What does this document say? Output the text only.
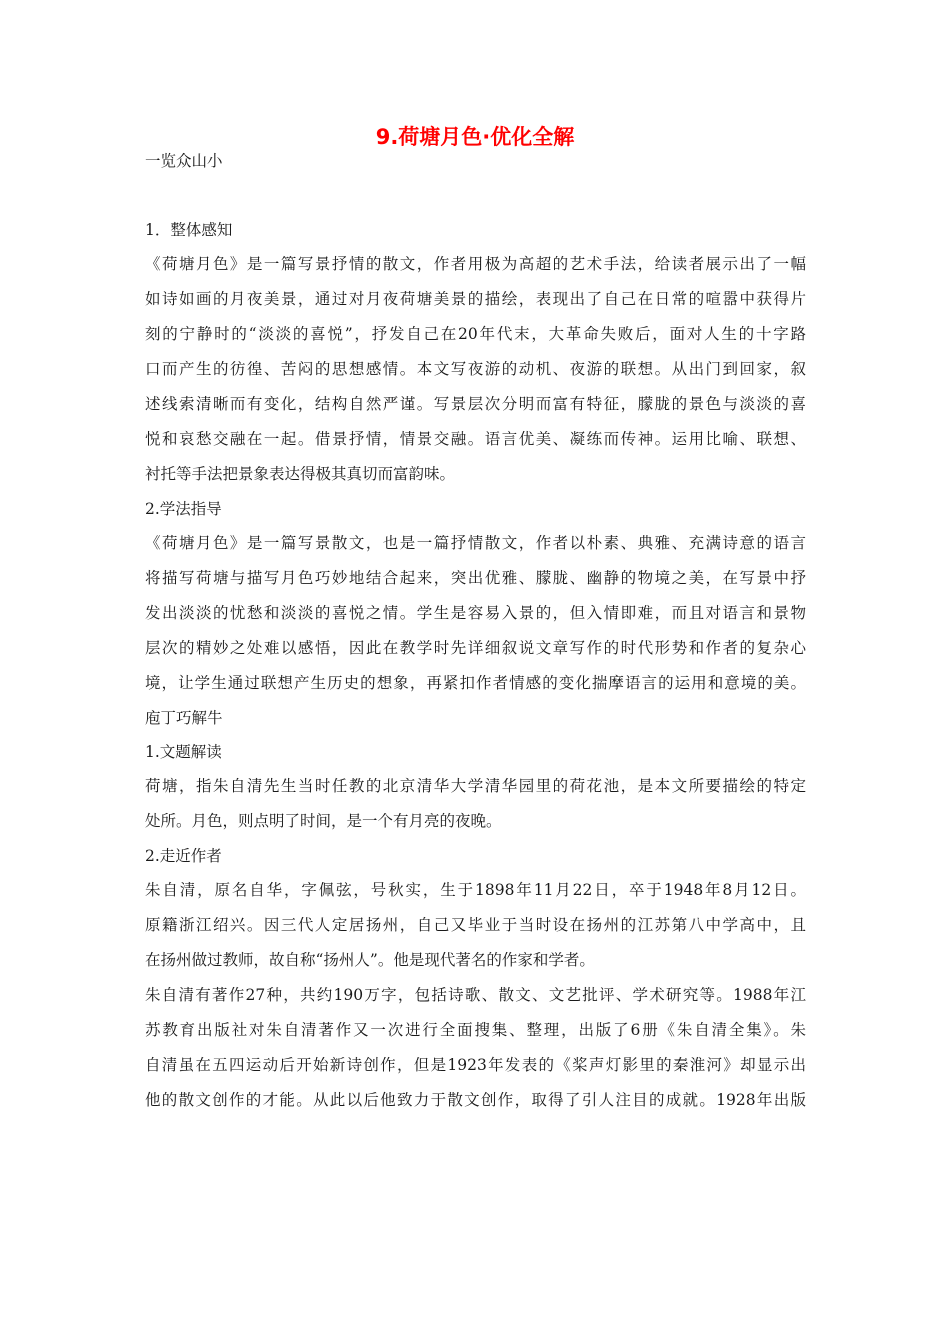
9.荷塘月色·优化全解
一览众山小
1．整体感知
《荷塘月色》是一篇写景抒情的散文，作者用极为高超的艺术手法，给读者展示出了一幅
如诗如画的月夜美景，通过对月夜荷塘美景的描绘，表现出了自己在日常的喧嚣中获得片
刻的宁静时的“淡淡的喜悦”，抒发自己在20年代末，大革命失败后，面对人生的十字路
口而产生的彷徨、苦闷的思想感情。本文写夜游的动机、夜游的联想。从出门到回家，叙
述线索清晰而有变化，结构自然严谨。写景层次分明而富有特征，朦胧的景色与淡淡的喜
悦和哀愁交融在一起。借景抒情，情景交融。语言优美、凝练而传神。运用比喻、联想、
衬托等手法把景象表达得极其真切而富韵味。
2.学法指导
《荷塘月色》是一篇写景散文，也是一篇抒情散文，作者以朴素、典雅、充满诗意的语言
将描写荷塘与描写月色巧妙地结合起来，突出优雅、朦胧、幽静的物境之美，在写景中抒
发出淡淡的忧愁和淡淡的喜悦之情。学生是容易入景的，但入情即难，而且对语言和景物
层次的精妙之处难以感悟，因此在教学时先详细叙说文章写作的时代形势和作者的复杂心
境，让学生通过联想产生历史的想象，再紧扣作者情感的变化揣摩语言的运用和意境的美。
庖丁巧解牛
1.文题解读
荷塘，指朱自清先生当时任教的北京清华大学清华园里的荷花池，是本文所要描绘的特定
处所。月色，则点明了时间，是一个有月亮的夜晚。
2.走近作者
朱自清，原名自华，字佩弦，号秋实，生于1898年11月22日，卒于1948年8月12日。
原籍浙江绍兴。因三代人定居扬州，自己又毕业于当时设在扬州的江苏第八中学高中，且
在扬州做过教师，故自称“扬州人”。他是现代著名的作家和学者。
朱自清有著作27种，共约190万字，包括诗歌、散文、文艺批评、学术研究等。1988年江
苏教育出版社对朱自清著作又一次进行全面搜集、整理，出版了6册《朱自清全集》。朱
自清虽在五四运动后开始新诗创作，但是1923年发表的《桨声灯影里的秦淮河》却显示出
他的散文创作的才能。从此以后他致力于散文创作，取得了引人注目的成就。1928年出版
